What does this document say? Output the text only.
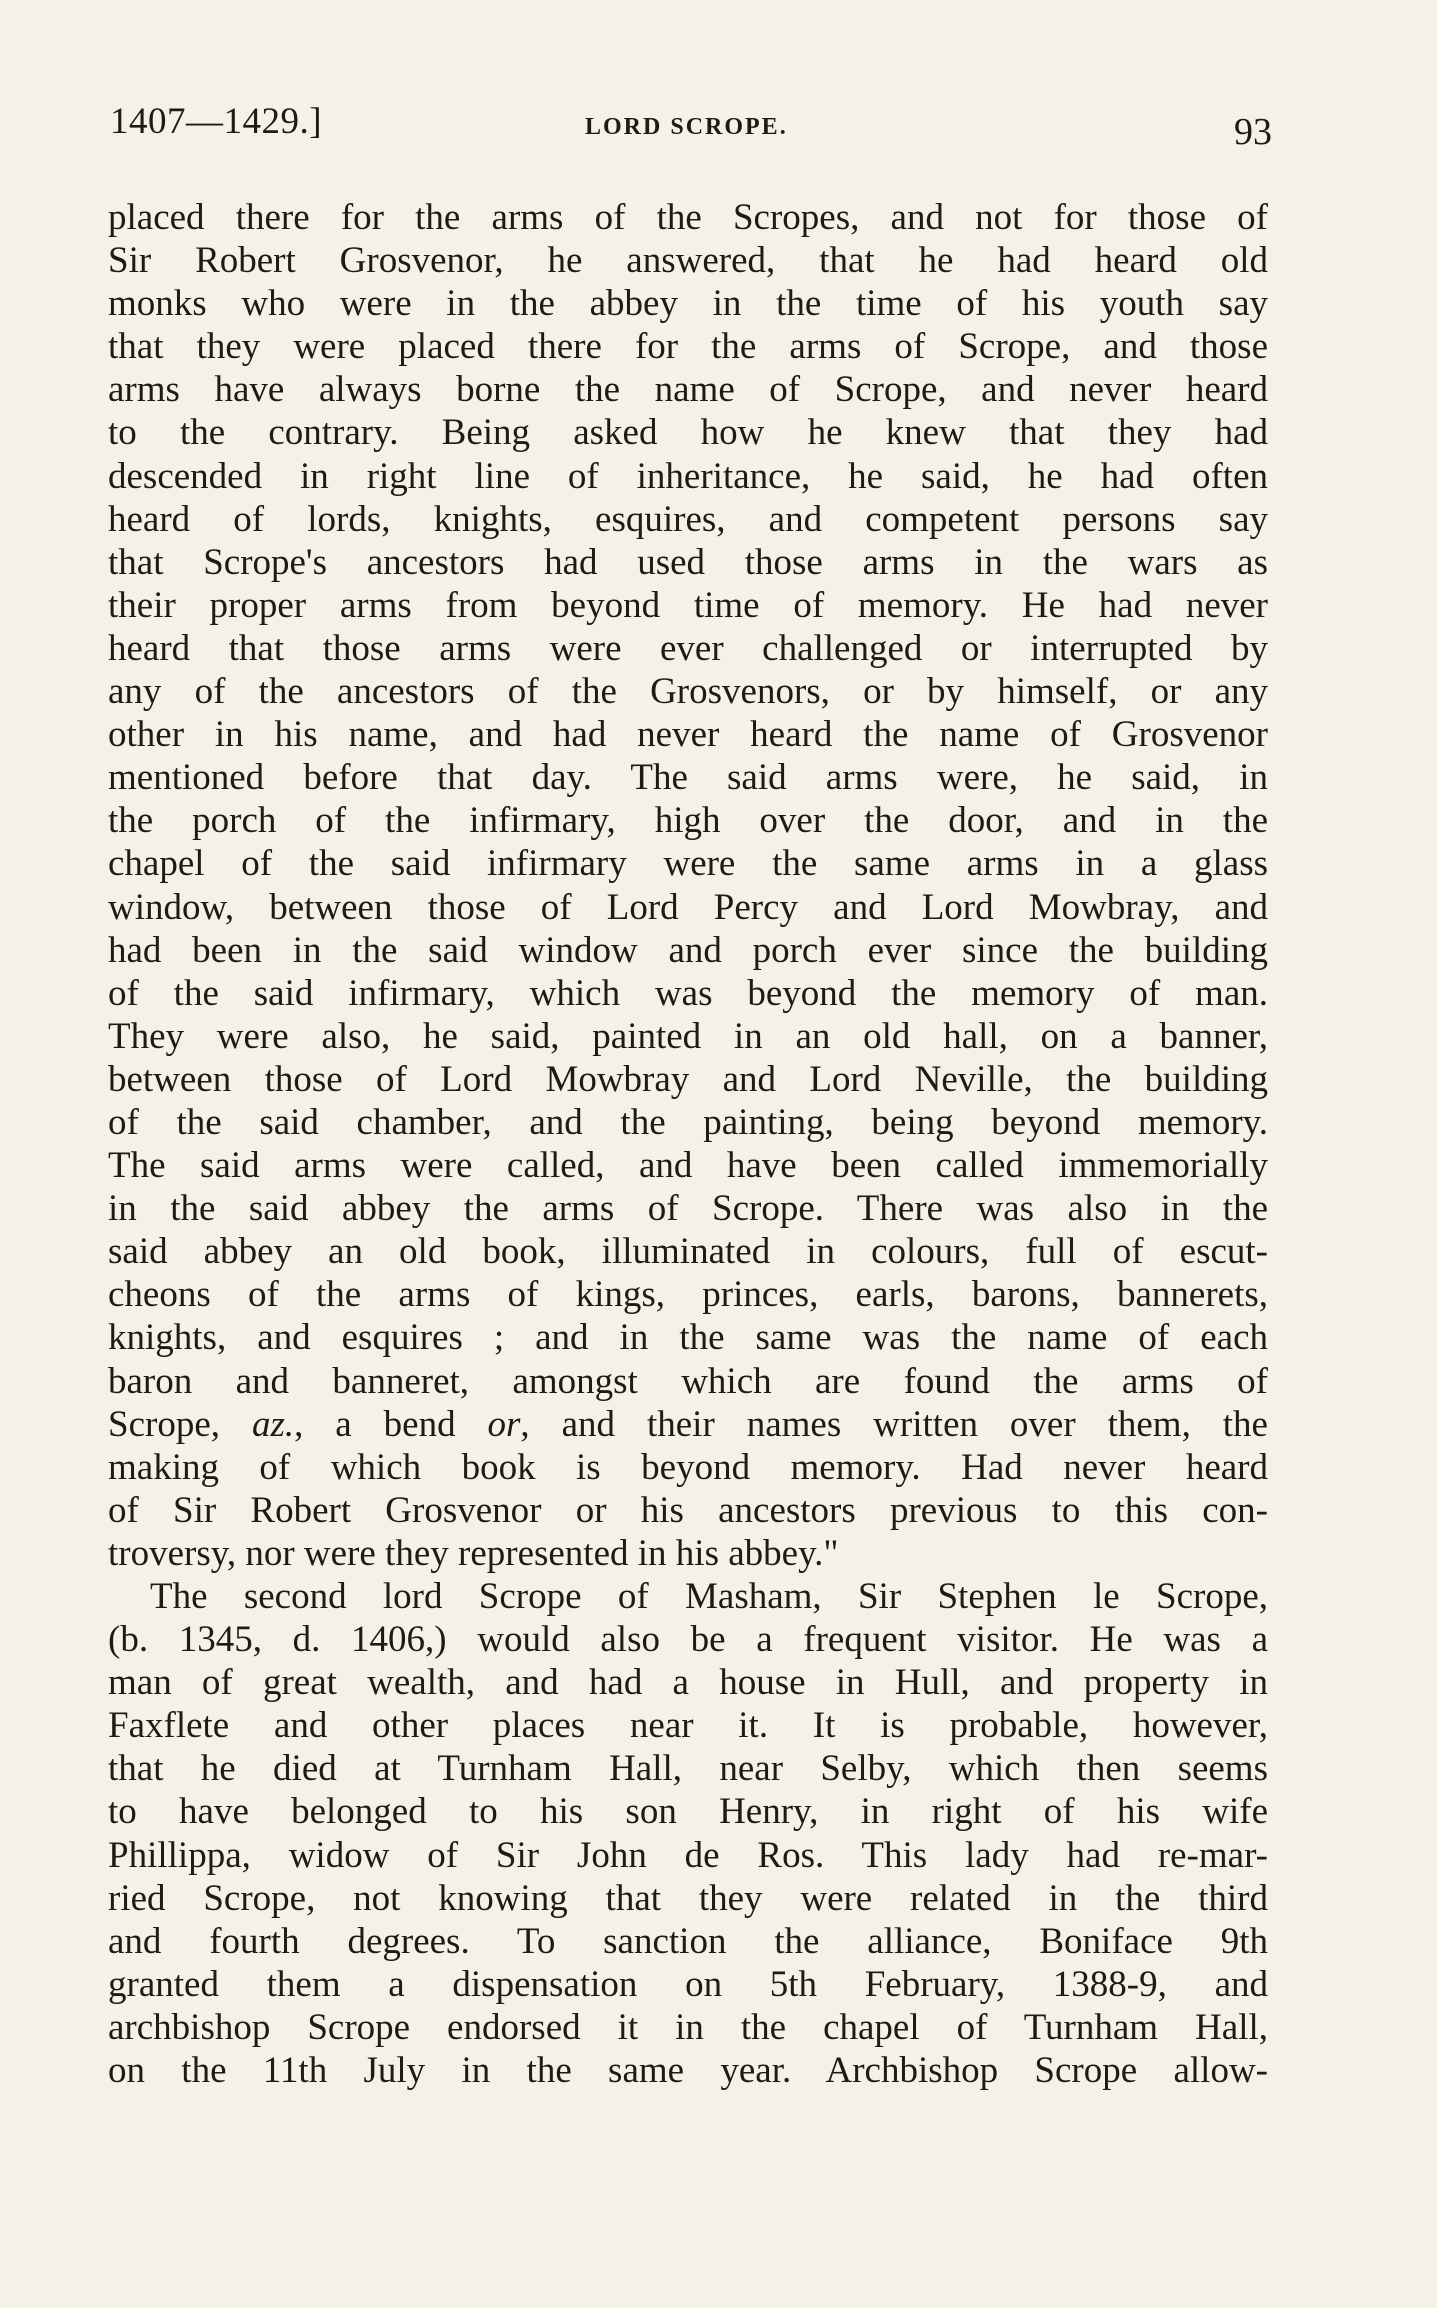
1407—1429.]	LORD SCROPE.	93
placed there for the arms of the Scropes, and not for those of
Sir Robert Grosvenor, he answered, that he had heard old
monks who were in the abbey in the time of his youth say
that they were placed there for the arms of Scrope, and those
arms have always borne the name of Scrope, and never heard
to the contrary. Being asked how he knew that they had
descended in right line of inheritance, he said, he had often
heard of lords, knights, esquires, and competent persons say
that Scrope's ancestors had used those arms in the wars as
their proper arms from beyond time of memory. He had never
heard that those arms were ever challenged or interrupted by
any of the ancestors of the Grosvenors, or by himself, or any
other in his name, and had never heard the name of Grosvenor
mentioned before that day. The said arms were, he said, in
the porch of the infirmary, high over the door, and in the
chapel of the said infirmary were the same arms in a glass
window, between those of Lord Percy and Lord Mowbray, and
had been in the said window and porch ever since the building
of the said infirmary, which was beyond the memory of man.
They were also, he said, painted in an old hall, on a banner,
between those of Lord Mowbray and Lord Neville, the building
of the said chamber, and the painting, being beyond memory.
The said arms were called, and have been called immemorially
in the said abbey the arms of Scrope. There was also in the
said abbey an old book, illuminated in colours, full of escut-
cheons of the arms of kings, princes, earls, barons, bannerets,
knights, and esquires ; and in the same was the name of each
baron and banneret, amongst which are found the arms of
Scrope, az., a bend or, and their names written over them, the
making of which book is beyond memory. Had never heard
of Sir Robert Grosvenor or his ancestors previous to this con-
troversy, nor were they represented in his abbey."
The second lord Scrope of Masham, Sir Stephen le Scrope,
(b. 1345, d. 1406,) would also be a frequent visitor. He was a
man of great wealth, and had a house in Hull, and property in
Faxflete and other places near it. It is probable, however,
that he died at Turnham Hall, near Selby, which then seems
to have belonged to his son Henry, in right of his wife
Phillippa, widow of Sir John de Ros. This lady had re-mar-
ried Scrope, not knowing that they were related in the third
and fourth degrees. To sanction the alliance, Boniface 9th
granted them a dispensation on 5th February, 1388-9, and
archbishop Scrope endorsed it in the chapel of Turnham Hall,
on the 11th July in the same year. Archbishop Scrope allow-
